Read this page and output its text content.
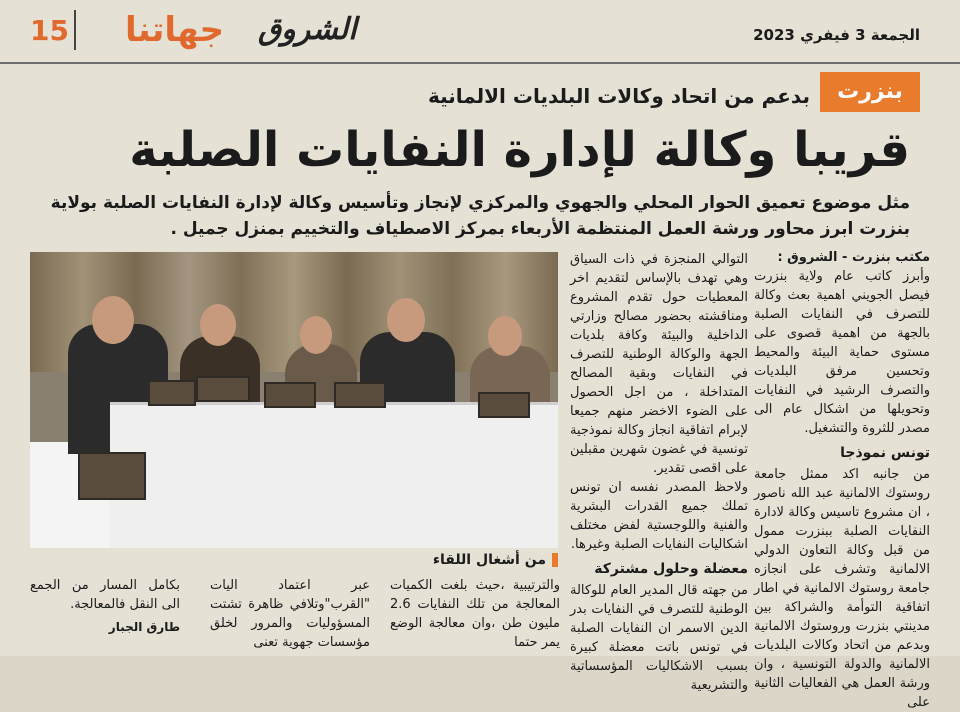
15 جهاتنا الشروق	الجمعة 3 فيفري 2023
بنزرت
بدعم من اتحاد وكالات البلديات الالمانية
قريبا وكالة لإدارة النفايات الصلبة
مثل موضوع تعميق الحوار المحلي والجهوي والمركزي لإنجاز وتأسيس وكالة لإدارة النفايات الصلبة بولاية بنزرت ابرز محاور ورشة العمل المنتظمة الأربعاء بمركز الاصطياف والتخييم بمنزل جميل .
من أشغال اللقاء
مكتب بنزرت - الشروق :
وأبرز كاتب عام ولاية بنزرت فيصل الجويني اهمية بعث وكالة للتصرف في النفايات الصلبة بالجهة من اهمية قصوى على مستوى حماية البيئة والمحيط وتحسين مرفق البلديات والتصرف الرشيد في النفايات وتحويلها من اشكال عام الى مصدر للثروة والتشغيل.
تونس نموذجا
من جانبه اكد ممثل جامعة روستوك الالمانية عبد الله ناصور ، ان مشروع تاسيس وكالة لادارة النفايات الصلبة ببنزرت ممول من قبل وكالة التعاون الدولي الالمانية وتشرف على انجازه جامعة روستوك الالمانية في اطار اتفاقية التوأمة والشراكة بين مدينتي بنزرت وروستوك الالمانية وبدعم من اتحاد وكالات البلديات الالمانية والدولة التونسية ، وان ورشة العمل هي الفعاليات الثانية على
التوالي المنجزة في ذات السياق وهي تهدف بالإساس لتقديم اخر المعطيات حول تقدم المشروع ومناقشته بحضور مصالح وزارتي الداخلية والبيئة وكافة بلديات الجهة والوكالة الوطنية للتصرف في النفايات وبقية المصالح المتداخلة ، من اجل الحصول على الضوء الاخضر منهم جميعا لإبرام اتفاقية انجاز وكالة نموذجية تونسية في غضون شهرين مقبلين على اقصى تقدير.
ولاحظ المصدر نفسه ان تونس تملك جميع القدرات البشرية والفنية واللوجستية لفض مختلف اشكاليات النفايات الصلبة وغيرها.
معضلة وحلول مشتركة
من جهته قال المدير العام للوكالة الوطنية للتصرف في النفايات بدر الدين الاسمر ان النفايات الصلبة في تونس باتت معضلة كبيرة بسبب الاشكاليات المؤسساتية والتشريعية
والترتيبية ،حيث بلغت الكميات المعالجة من تلك النفايات 2.6 مليون طن ،وان معالجة الوضع يمر حتما
عبر اعتماد اليات "القرب"وتلافي ظاهرة تشتت المسؤوليات والمرور لخلق مؤسسات جهوية تعنى
بكامل المسار من الجمع الى النقل فالمعالجة.
طارق الجبار
